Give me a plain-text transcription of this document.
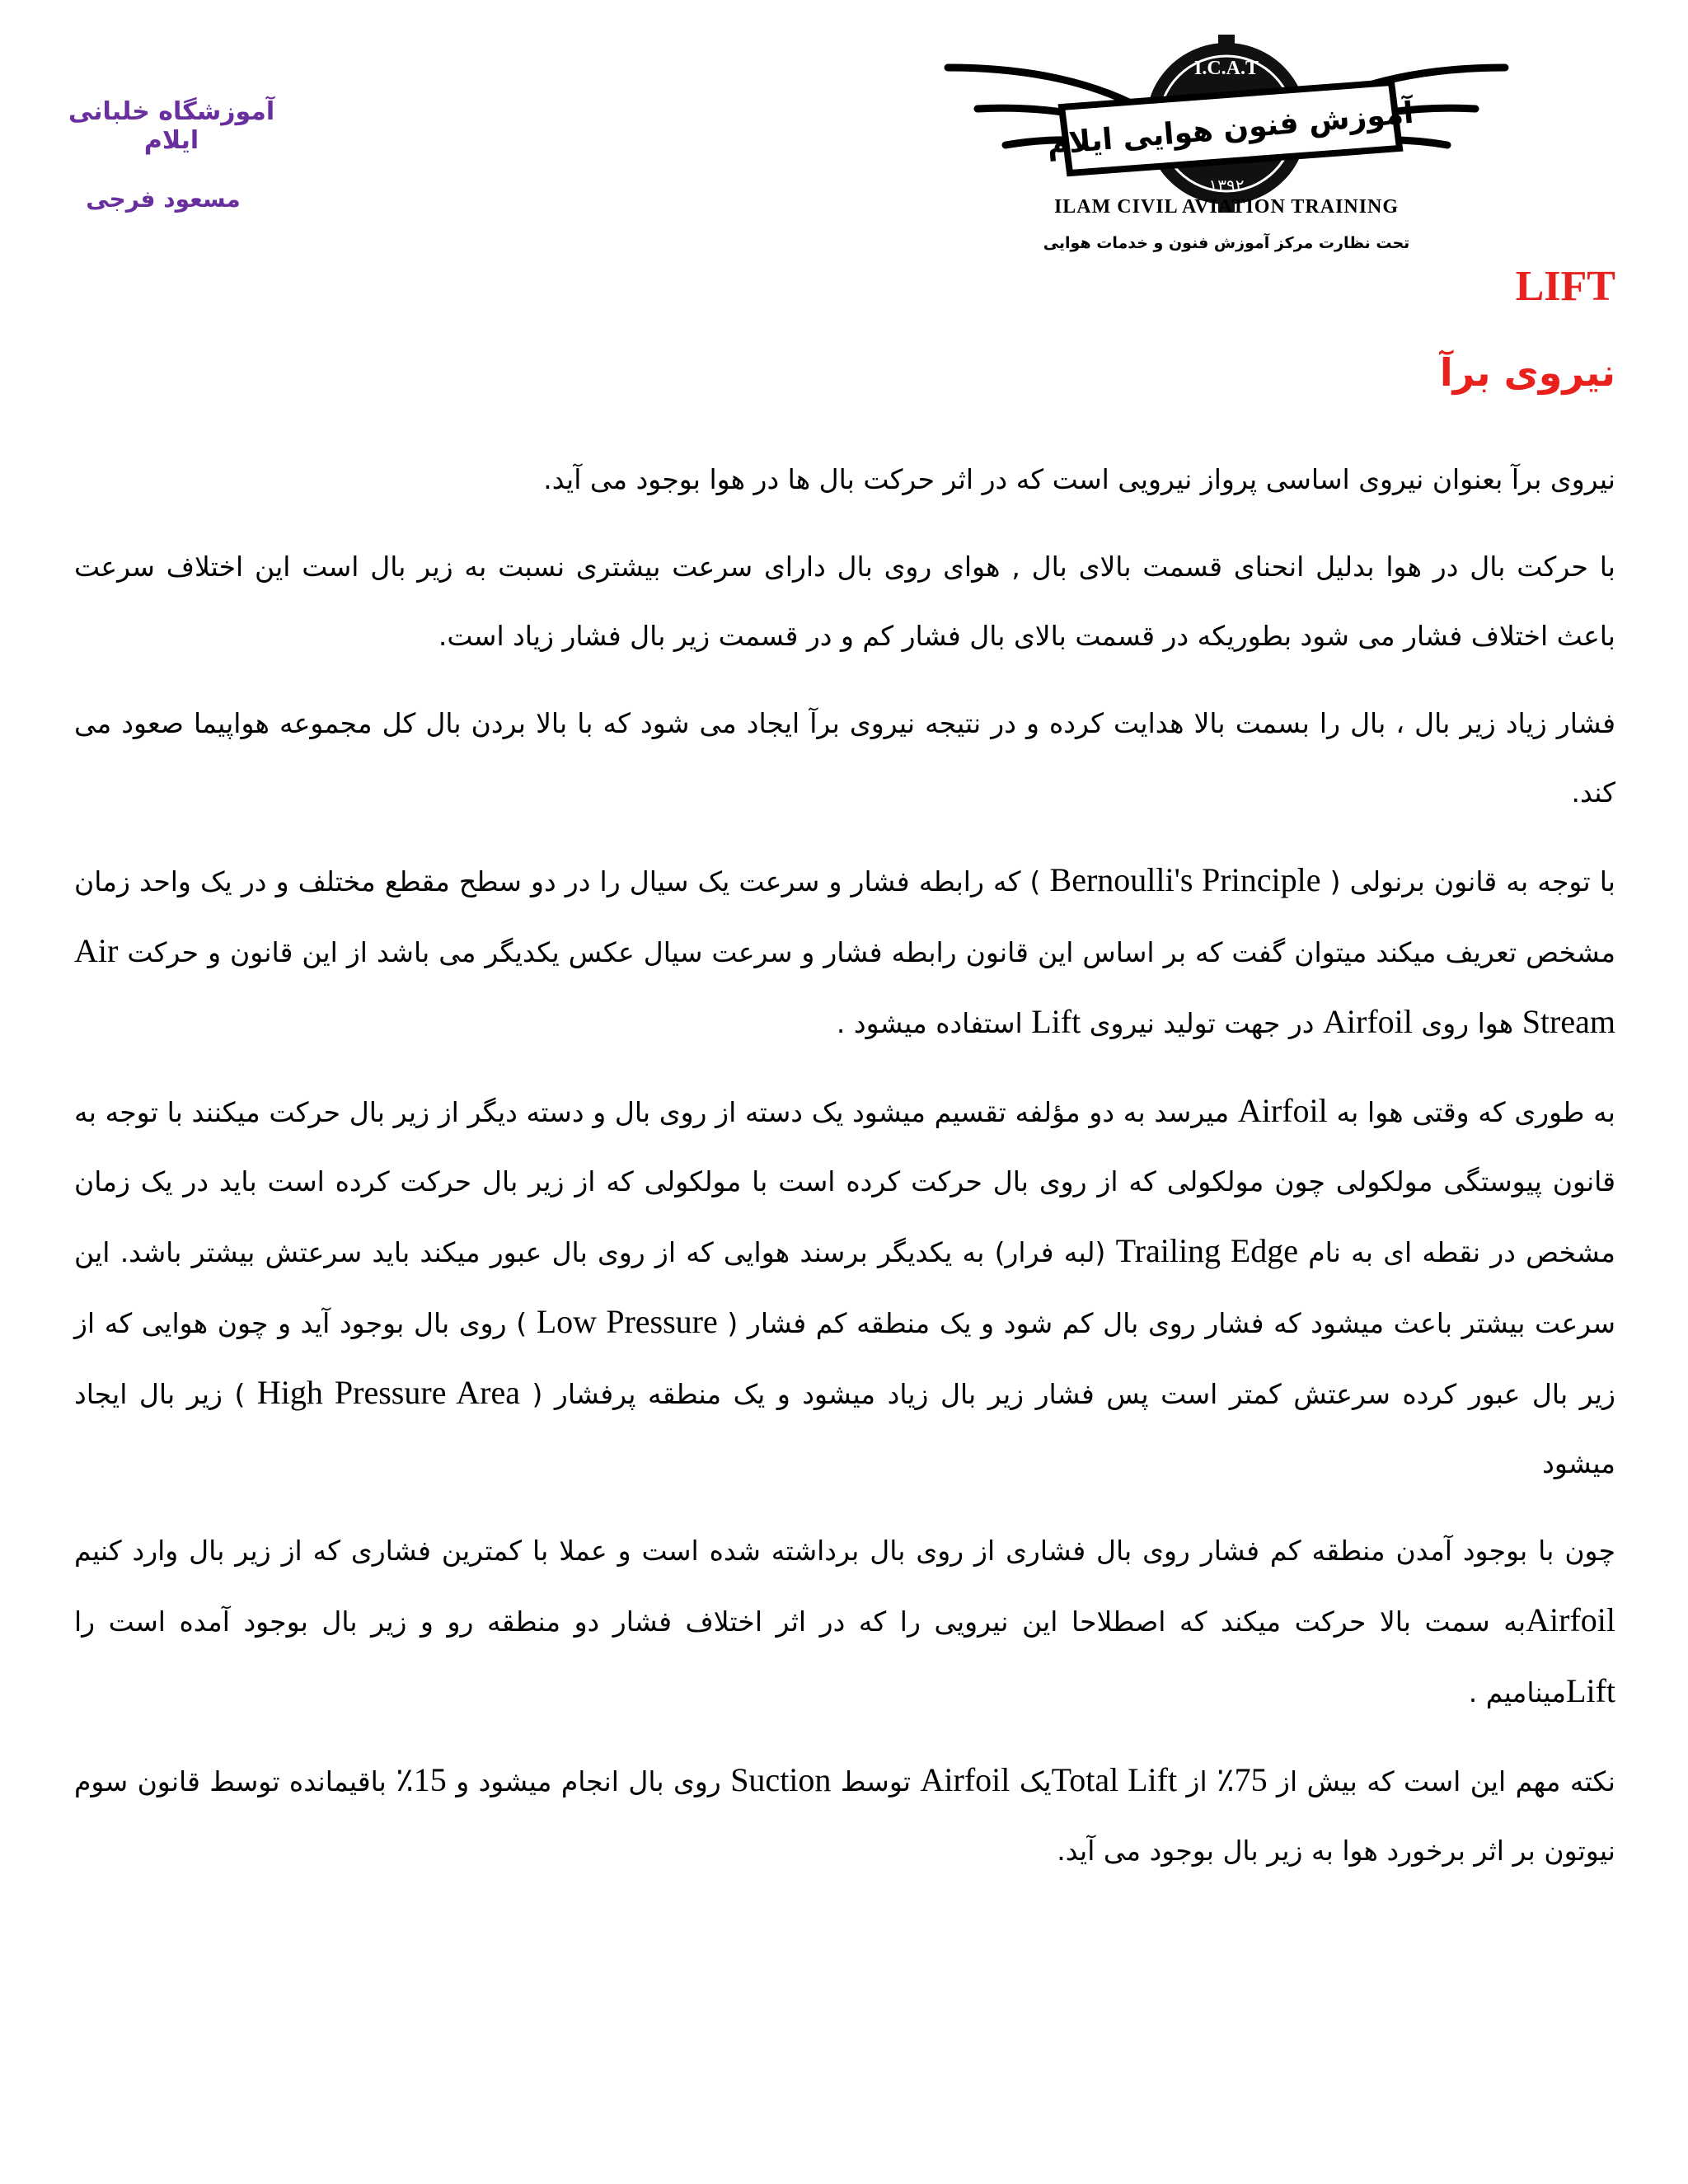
آموزشگاه خلبانی ایلام
مسعود فرجی
I.C.A.T
آموزش فنون هوایی ایلام
۱۳۹۲
ILAM CIVIL AVIATION TRAINING
تحت نظارت مرکز آموزش فنون و خدمات هوایی
LIFT
نیروی برآ

نیروی برآ بعنوان نیروی اساسی پرواز نیرویی است که در اثر حرکت بال ها در هوا بوجود می آید.

با حرکت بال در هوا بدلیل انحنای قسمت بالای بال , هوای روی بال دارای سرعت بیشتری نسبت به زیر بال است این اختلاف سرعت باعث اختلاف فشار می شود بطوریکه در قسمت بالای بال فشار کم و در قسمت زیر بال فشار زیاد است.

فشار زیاد زیر بال ، بال را بسمت بالا هدایت کرده و در نتیجه نیروی برآ ایجاد می شود که با بالا بردن بال کل مجموعه هواپیما صعود می کند.

با توجه به قانون برنولی ( Bernoulli's Principle ) که رابطه فشار و سرعت یک سیال را در دو سطح مقطع مختلف و در یک واحد زمان مشخص تعریف میکند میتوان گفت که بر اساس این قانون رابطه فشار و سرعت سیال عکس یکدیگر می باشد از این قانون و حرکت Air Stream هوا روی Airfoil در جهت تولید نیروی Lift استفاده میشود .

به طوری که وقتی هوا به Airfoil میرسد به دو مؤلفه تقسیم میشود یک دسته از روی بال و دسته دیگر از زیر بال حرکت میکنند با توجه به قانون پیوستگی مولکولی چون مولکولی که از روی بال حرکت کرده است با مولکولی که از زیر بال حرکت کرده است باید در یک زمان مشخص در نقطه ای به نام Trailing Edge (لبه فرار) به یکدیگر برسند هوایی که از روی بال عبور میکند باید سرعتش بیشتر باشد. این سرعت بیشتر باعث میشود که فشار روی بال کم شود و یک منطقه کم فشار ( Low Pressure ) روی بال بوجود آید و چون هوایی که از زیر بال عبور کرده سرعتش کمتر است پس فشار زیر بال زیاد میشود و یک منطقه پرفشار ( High Pressure Area ) زیر بال ایجاد میشود

چون با بوجود آمدن منطقه کم فشار روی بال فشاری از روی بال برداشته شده است و عملا با کمترین فشاری که از زیر بال وارد کنیم Airfoilبه سمت بالا حرکت میکند که اصطلاحا این نیرویی را که در اثر اختلاف فشار دو منطقه رو و زیر بال بوجود آمده است را Liftمینامیم .

نکته مهم این است که بیش از 75٪ از Total Liftیک Airfoil توسط Suction روی بال انجام میشود و 15٪ باقیمانده توسط قانون سوم نیوتون بر اثر برخورد هوا به زیر بال بوجود می آید.
